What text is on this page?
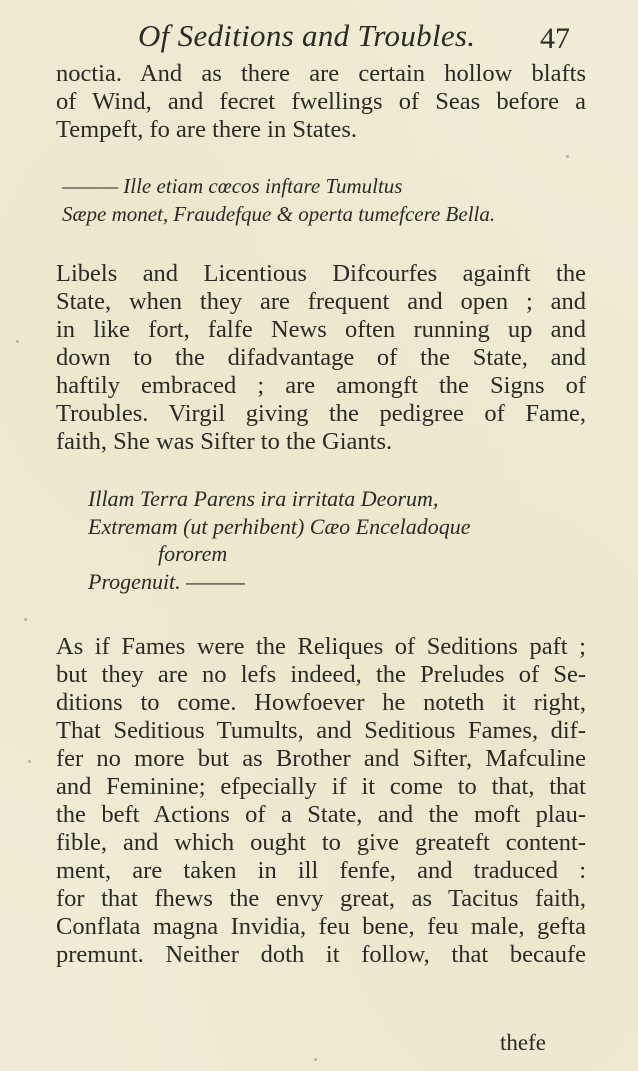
Of Seditions and Troubles. 47
noctia. And as there are certain hollow blafts
of Wind, and fecret fwellings of Seas before a
Tempeft, fo are there in States.
——— Ille etiam cœcos inftare Tumultus
Sæpe monet, Fraudefque & operta tumefcere Bella.
Libels and Licentious Difcourfes againft the
State, when they are frequent and open ; and
in like fort, falfe News often running up and
down to the difadvantage of the State, and
haftily embraced ; are amongft the Signs of
Troubles. Virgil giving the pedigree of Fame,
faith, She was Sifter to the Giants.
Illam Terra Parens ira irritata Deorum,
Extremam (ut perhibent) Cæo Enceladoque
fororem
Progenuit. ———
As if Fames were the Reliques of Seditions paft ;
but they are no lefs indeed, the Preludes of Se-
ditions to come. Howfoever he noteth it right,
That Seditious Tumults, and Seditious Fames, dif-
fer no more but as Brother and Sifter, Mafculine
and Feminine; efpecially if it come to that, that
the beft Actions of a State, and the moft plau-
fible, and which ought to give greateft content-
ment, are taken in ill fenfe, and traduced :
for that fhews the envy great, as Tacitus faith,
Conflata magna Invidia, feu bene, feu male, gefta
premunt. Neither doth it follow, that becaufe
thefe
